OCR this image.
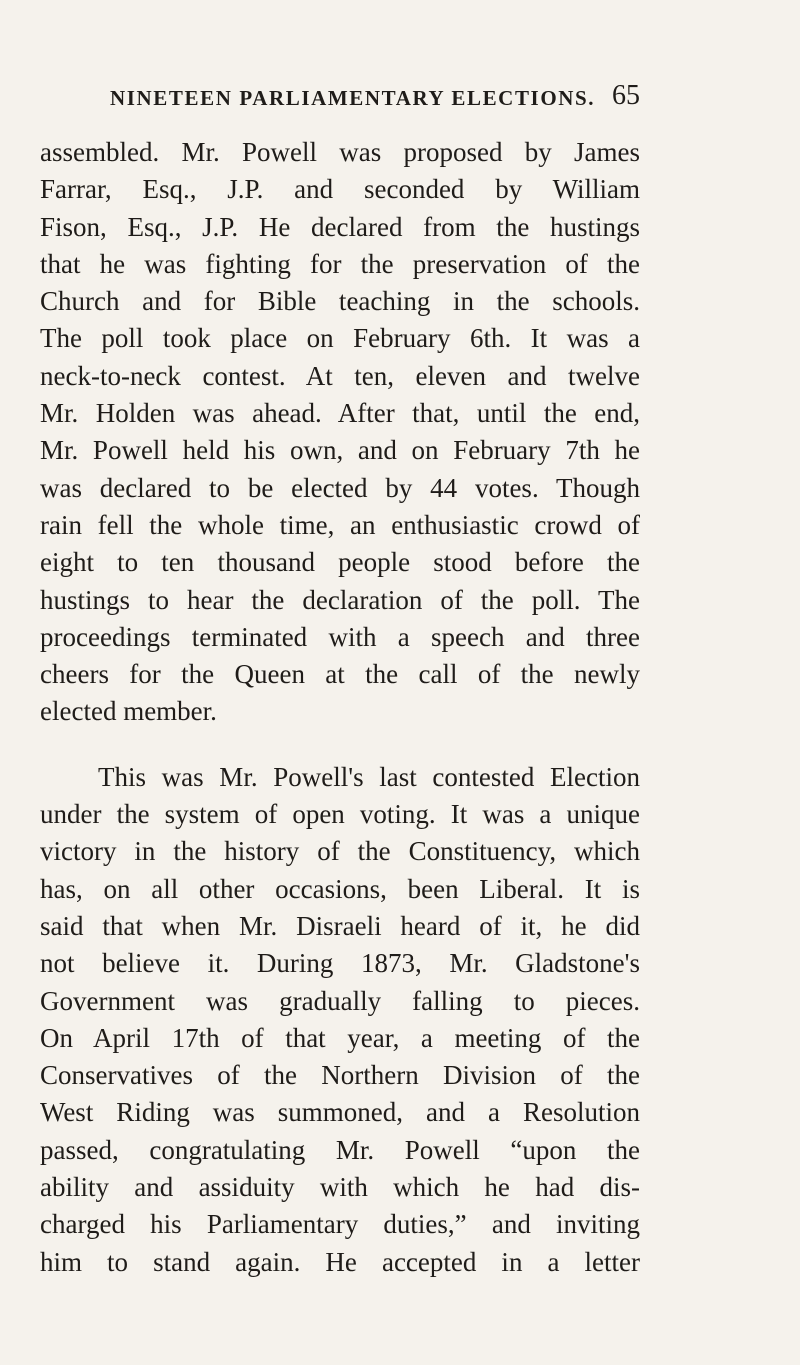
NINETEEN PARLIAMENTARY ELECTIONS. 65
assembled. Mr. Powell was proposed by James
Farrar, Esq., J.P. and seconded by William
Fison, Esq., J.P. He declared from the hustings
that he was fighting for the preservation of the
Church and for Bible teaching in the schools.
The poll took place on February 6th. It was a
neck-to-neck contest. At ten, eleven and twelve
Mr. Holden was ahead. After that, until the end,
Mr. Powell held his own, and on February 7th he
was declared to be elected by 44 votes. Though
rain fell the whole time, an enthusiastic crowd of
eight to ten thousand people stood before the
hustings to hear the declaration of the poll. The
proceedings terminated with a speech and three
cheers for the Queen at the call of the newly
elected member.
This was Mr. Powell's last contested Election
under the system of open voting. It was a unique
victory in the history of the Constituency, which
has, on all other occasions, been Liberal. It is
said that when Mr. Disraeli heard of it, he did
not believe it. During 1873, Mr. Gladstone's
Government was gradually falling to pieces.
On April 17th of that year, a meeting of the
Conservatives of the Northern Division of the
West Riding was summoned, and a Resolution
passed, congratulating Mr. Powell “upon the
ability and assiduity with which he had dis-
charged his Parliamentary duties,” and inviting
him to stand again. He accepted in a letter
